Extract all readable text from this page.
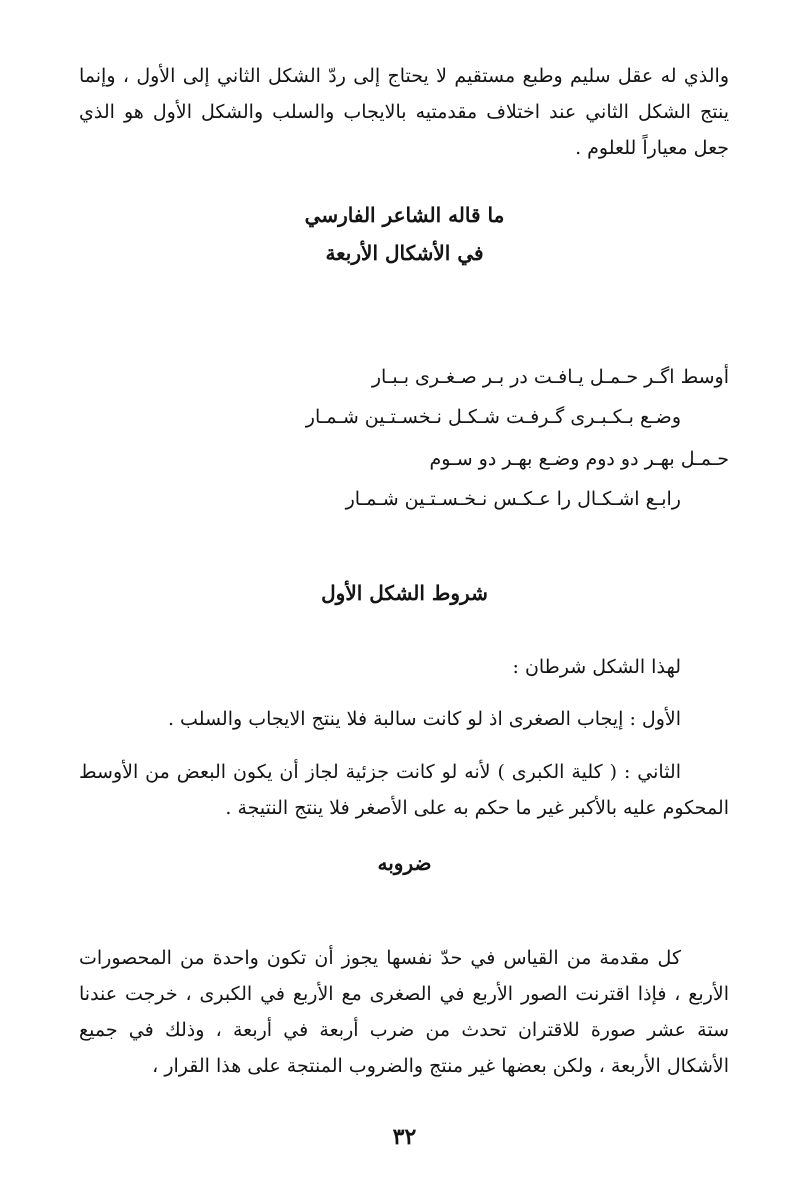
والذي له عقل سليم وطبع مستقيم لا يحتاج إلى ردّ الشكل الثاني إلى الأول ، وإنما ينتج الشكل الثاني عند اختلاف مقدمتيه بالايجاب والسلب والشكل الأول هو الذي جعل معياراً للعلوم .

ما قاله الشاعر الفارسي
في الأشكال الأربعة
أوسط اگـر حـمـل يـافـت در بـر صـغـرى بـبـار
وضـع بـكـبـرى گـرفـت شـكـل نـخسـتـين شـمـار
حـمـل بهـر دو دوم وضـع بهـر دو سـوم
رابـع اشـكـال را عـكـس نـخـسـتـين شـمـار
شروط الشكل الأول
لهذا الشكل شرطان :
الأول : إيجاب الصغرى اذ لو كانت سالبة فلا ينتج الايجاب والسلب .

الثاني : ( كلية الكبرى ) لأنه لو كانت جزئية لجاز أن يكون البعض من الأوسط المحكوم عليه بالأكبر غير ما حكم به على الأصغر فلا ينتج النتيجة .

ضروبه

كل مقدمة من القياس في حدّ نفسها يجوز أن تكون واحدة من المحصورات الأربع ، فإذا اقترنت الصور الأربع في الصغرى مع الأربع في الكبرى ، خرجت عندنا ستة عشر صورة للاقتران تحدث من ضرب أربعة في أربعة ، وذلك في جميع الأشكال الأربعة ، ولكن بعضها غير منتج والضروب المنتجة على هذا القرار ،

٣٢
